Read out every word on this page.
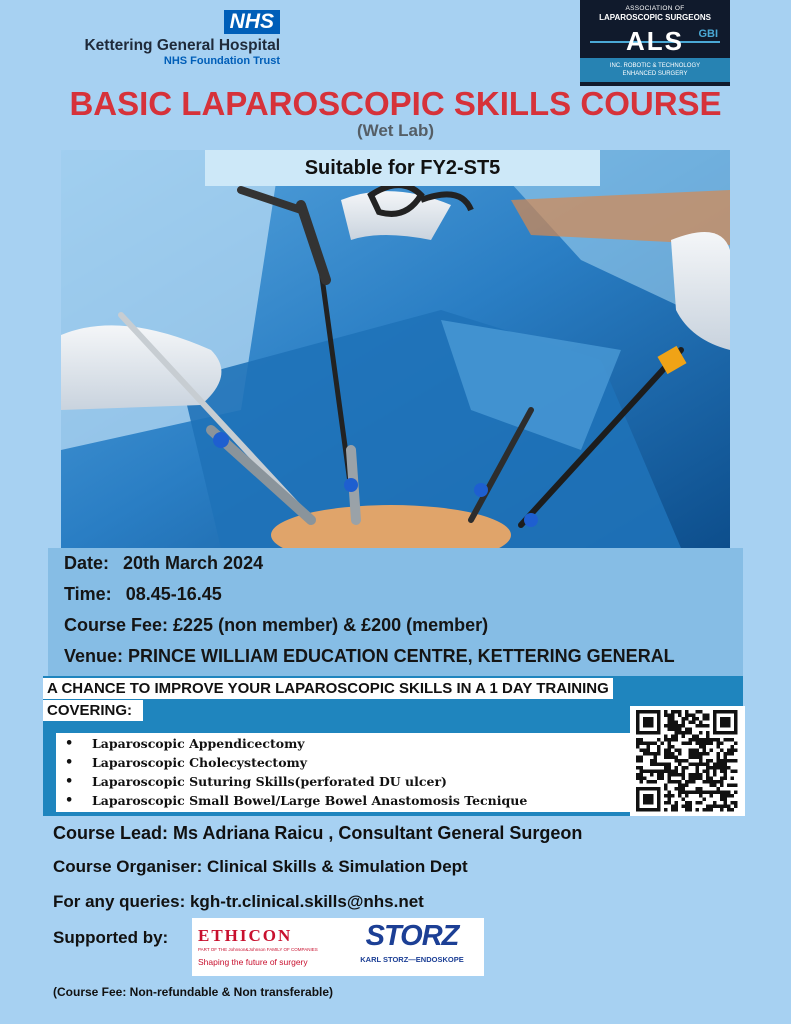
NHS
Kettering General Hospital
NHS Foundation Trust
ASSOCIATION OF
LAPAROSCOPIC SURGEONS
ALS	GBI
INC. ROBOTIC & TECHNOLOGY
ENHANCED SURGERY
BASIC LAPAROSCOPIC SKILLS COURSE
(Wet Lab)
Suitable for FY2-ST5
Date: 20th March 2024
Time: 08.45-16.45
Course Fee: £225 (non member) & £200 (member)
Venue: PRINCE WILLIAM EDUCATION CENTRE, KETTERING GENERAL
A CHANCE TO IMPROVE YOUR LAPAROSCOPIC SKILLS IN A 1 DAY TRAINING
COVERING:
• Laparoscopic Appendicectomy
• Laparoscopic Cholecystectomy
• Laparoscopic Suturing Skills(perforated DU ulcer)
• Laparoscopic Small Bowel/Large Bowel Anastomosis Tecnique
Course Lead: Ms Adriana Raicu , Consultant General Surgeon
Course Organiser: Clinical Skills & Simulation Dept
For any queries: kgh-tr.clinical.skills@nhs.net
Supported by: ETHICON
PART OF THE Johnson&Johnson FAMILY OF COMPANIES
Shaping the future of surgery
STORZ
KARL STORZ—ENDOSKOPE
(Course Fee: Non-refundable & Non transferable)
